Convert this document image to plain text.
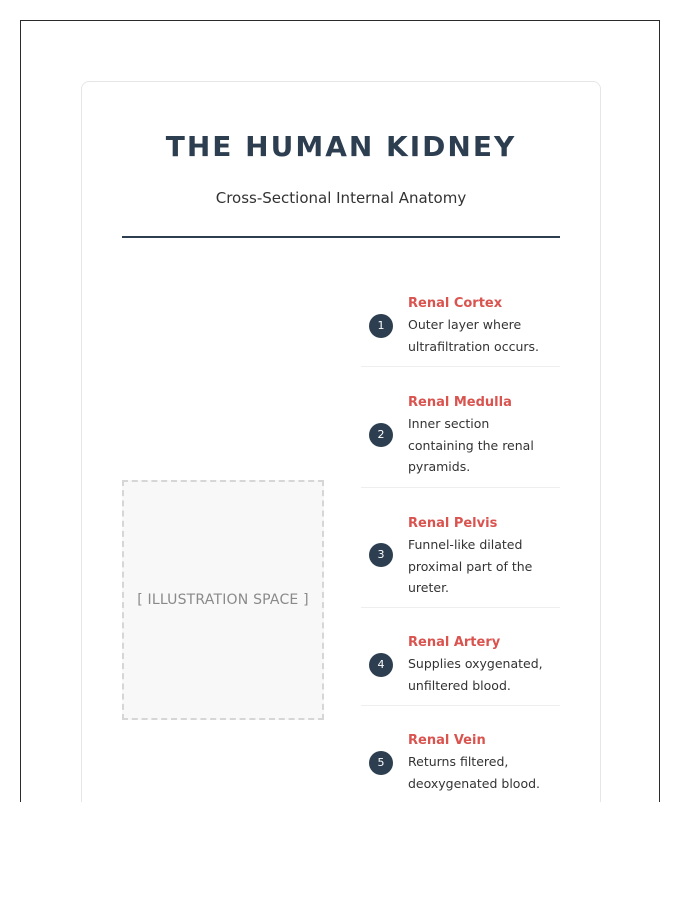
THE HUMAN KIDNEY
Cross-Sectional Internal Anatomy
[ ILLUSTRATION SPACE ]
1
Renal Cortex
Outer layer where ultrafiltration occurs.
2
Renal Medulla
Inner section containing the renal pyramids.
3
Renal Pelvis
Funnel-like dilated proximal part of the ureter.
4
Renal Artery
Supplies oxygenated, unfiltered blood.
5
Renal Vein
Returns filtered, deoxygenated blood.
